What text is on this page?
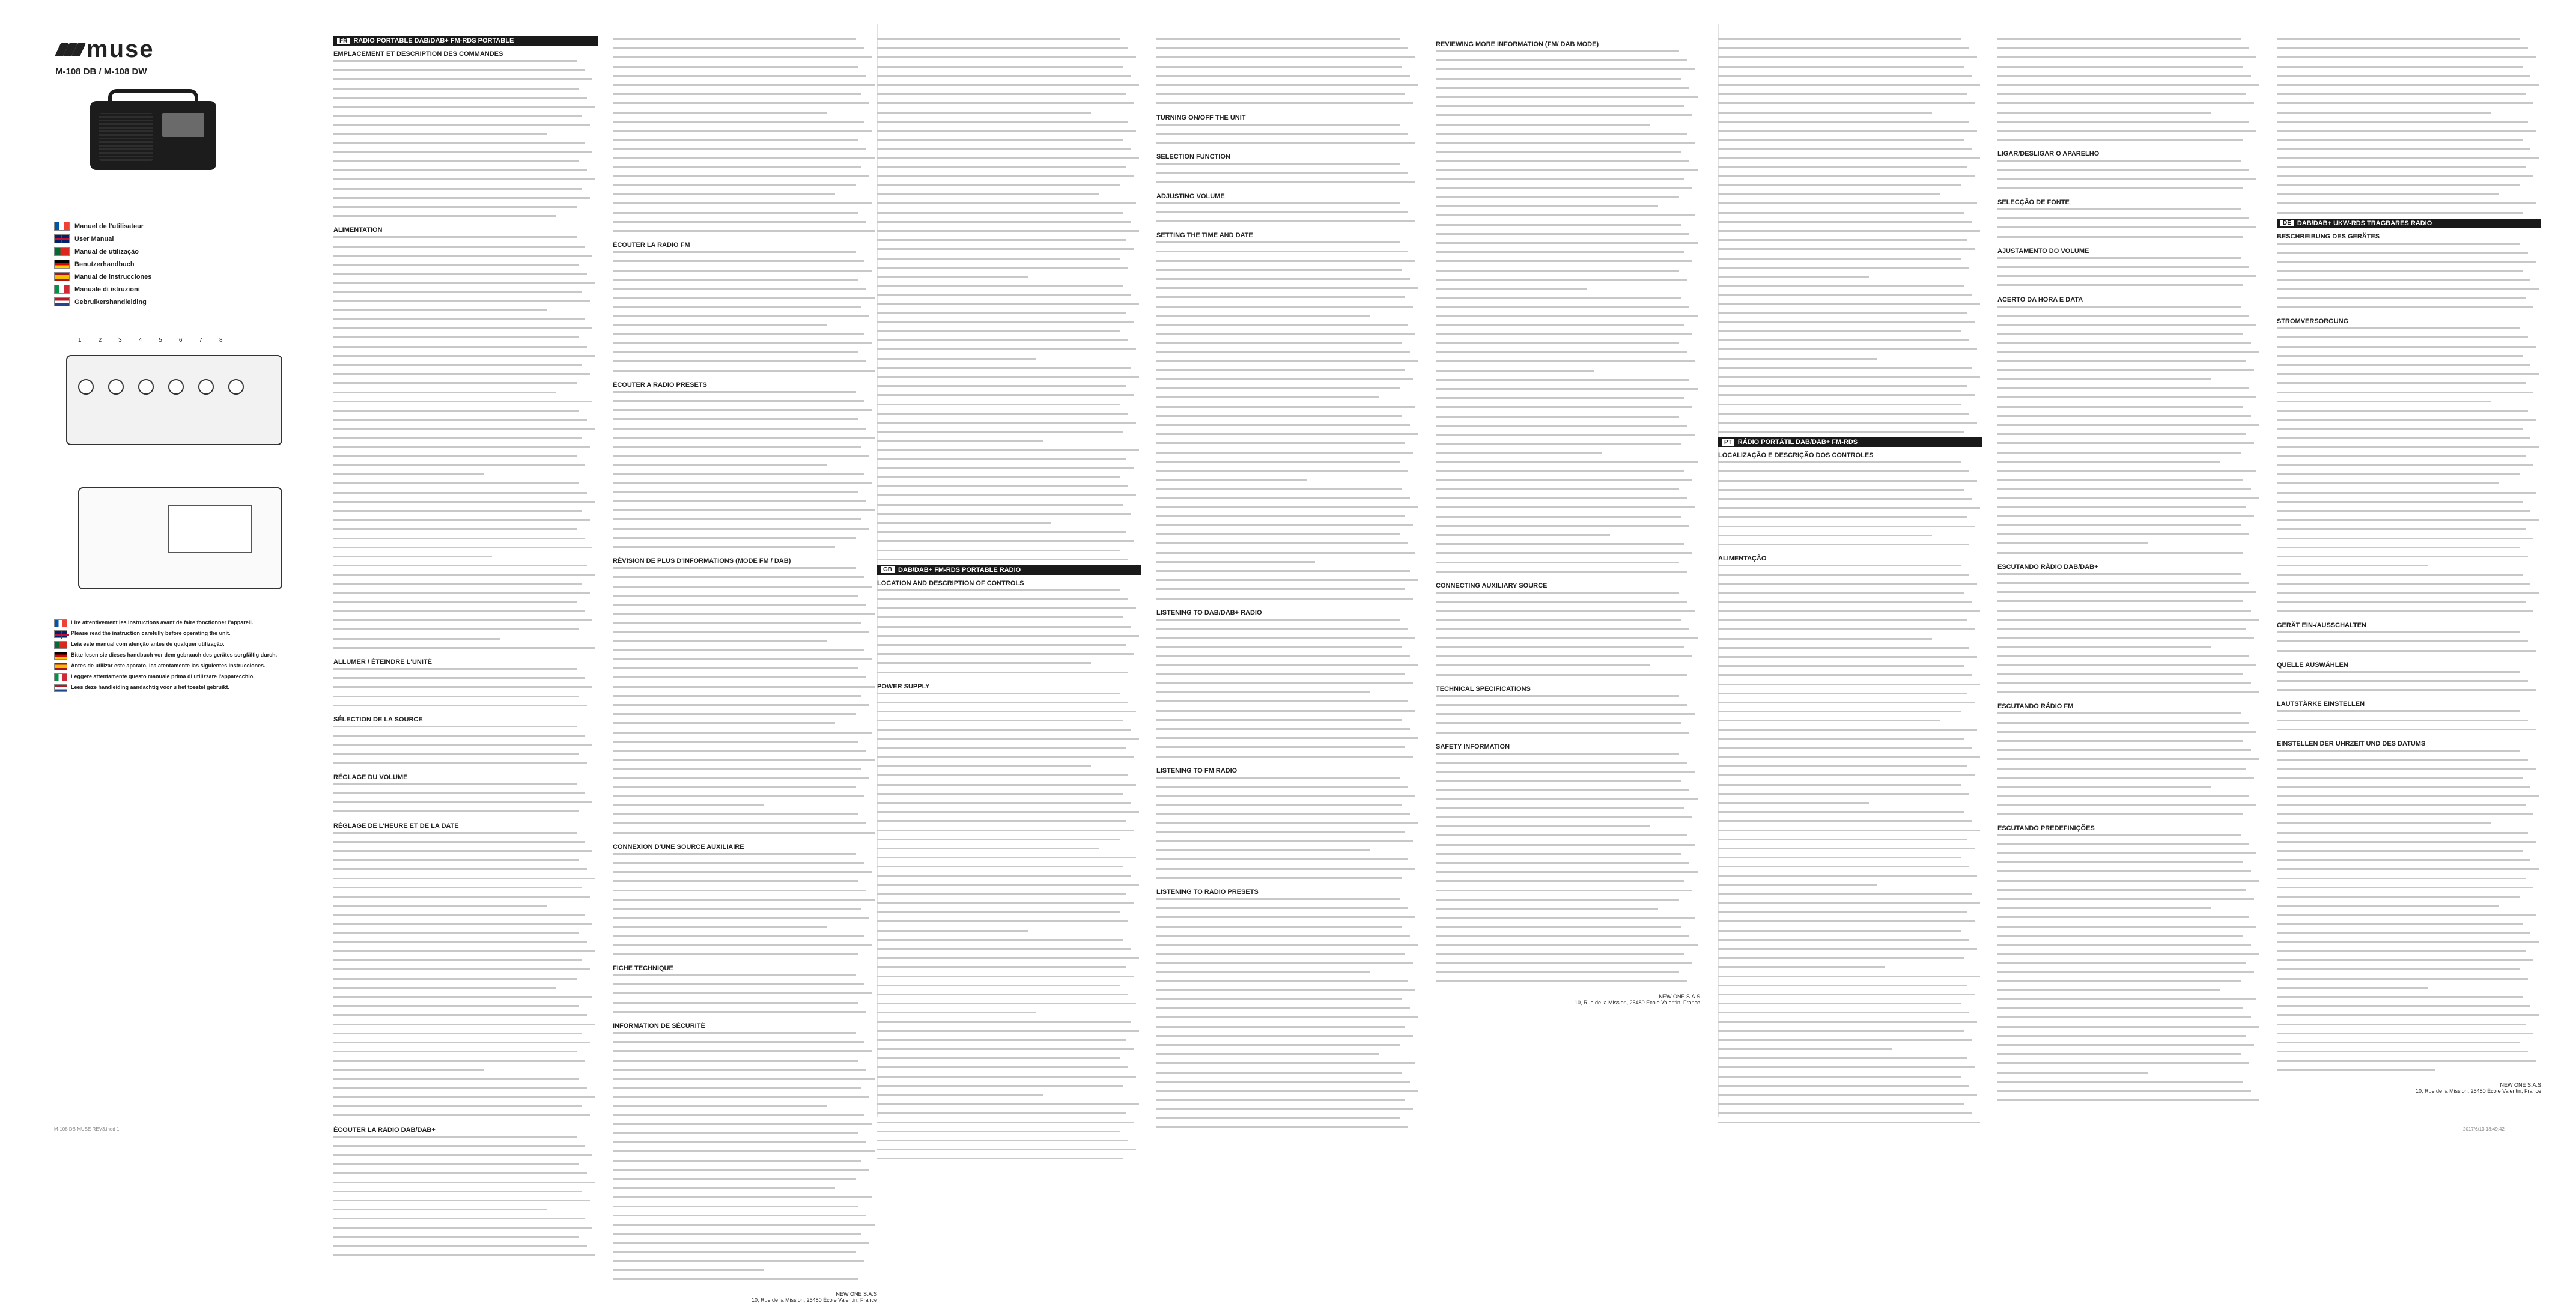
muse
M-108 DB / M-108 DW
Manuel de l'utilisateur
User Manual
Manual de utilização
Benutzerhandbuch
Manual de instrucciones
Manuale di istruzioni
Gebruikershandleiding
1	2	3	4	5	6	7	8
Lire attentivement les instructions avant de faire fonctionner l'appareil.
Please read the instruction carefully before operating the unit.
Leia este manual com atenção antes de qualquer utilização.
Bitte lesen sie dieses handbuch vor dem gebrauch des gerätes sorgfältig durch.
Antes de utilizar este aparato, lea atentamente las siguientes instrucciones.
Leggere attentamente questo manuale prima di utilizzare l'apparecchio.
Lees deze handleiding aandachtig voor u het toestel gebruikt.
FR RADIO PORTABLE DAB/DAB+ FM-RDS PORTABLE
EMPLACEMENT ET DESCRIPTION DES COMMANDES
ALIMENTATION
ALLUMER / ÉTEINDRE L'UNITÉ
SÉLECTION DE LA SOURCE
RÉGLAGE DU VOLUME
RÉGLAGE DE L'HEURE ET DE LA DATE
ÉCOUTER LA RADIO DAB/DAB+
ÉCOUTER LA RADIO FM
ÉCOUTER A RADIO PRESETS
RÉVISION DE PLUS D'INFORMATIONS (MODE FM / DAB)
CONNEXION D'UNE SOURCE AUXILIAIRE
FICHE TECHNIQUE
INFORMATION DE SÉCURITÉ
NEW ONE S.A.S
10, Rue de la Mission, 25480 École Valentin, France
GB DAB/DAB+ FM-RDS PORTABLE RADIO
LOCATION AND DESCRIPTION OF CONTROLS
POWER SUPPLY
TURNING ON/OFF THE UNIT
SELECTION FUNCTION
ADJUSTING VOLUME
SETTING THE TIME AND DATE
LISTENING TO DAB/DAB+ RADIO
LISTENING TO FM RADIO
LISTENING TO RADIO PRESETS
REVIEWING MORE INFORMATION (FM/ DAB MODE)
CONNECTING AUXILIARY SOURCE
TECHNICAL SPECIFICATIONS
SAFETY INFORMATION
NEW ONE S.A.S
10, Rue de la Mission, 25480 École Valentin, France
PT RÁDIO PORTÁTIL DAB/DAB+ FM-RDS
LOCALIZAÇÃO E DESCRIÇÃO DOS CONTROLES
ALIMENTAÇÃO
LIGAR/DESLIGAR O APARELHO
SELECÇÃO DE FONTE
AJUSTAMENTO DO VOLUME
ACERTO DA HORA E DATA
ESCUTANDO RÁDIO DAB/DAB+
ESCUTANDO RÁDIO FM
ESCUTANDO PREDEFINIÇÕES
DE DAB/DAB+ UKW-RDS TRAGBARES RADIO
BESCHREIBUNG DES GERÄTES
STROMVERSORGUNG
GERÄT EIN-/AUSSCHALTEN
QUELLE AUSWÄHLEN
LAUTSTÄRKE EINSTELLEN
EINSTELLEN DER UHRZEIT UND DES DATUMS
NEW ONE S.A.S
10, Rue de la Mission, 25480 École Valentin, France
M-108 DB MUSE REV3.indd 1	2017/6/13 18:49:42
